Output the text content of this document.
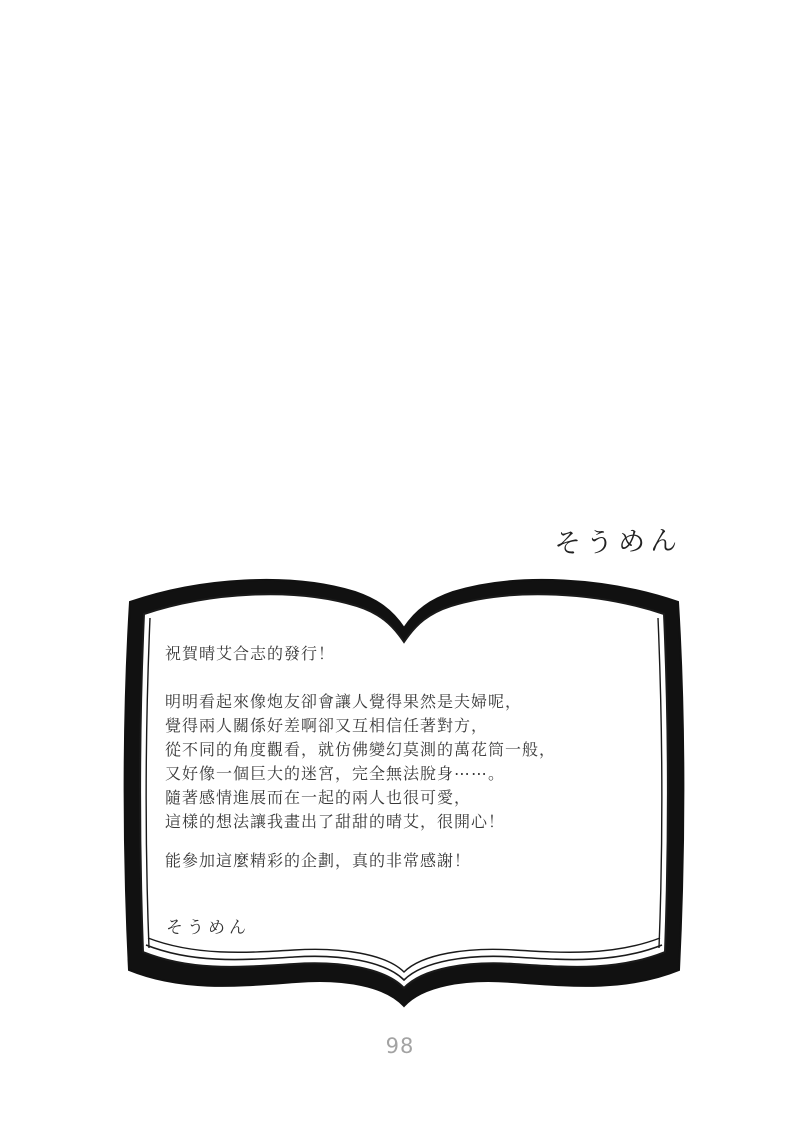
そうめん

祝賀晴艾合志的發行！

明明看起來像炮友卻會讓人覺得果然是夫婦呢，

覺得兩人關係好差啊卻又互相信任著對方，

從不同的角度觀看，就仿佛變幻莫測的萬花筒一般，

又好像一個巨大的迷宮，完全無法脫身⋯⋯。

隨著感情進展而在一起的兩人也很可愛，

這樣的想法讓我畫出了甜甜的晴艾，很開心！

能參加這麼精彩的企劃，真的非常感謝！

そうめん
98
